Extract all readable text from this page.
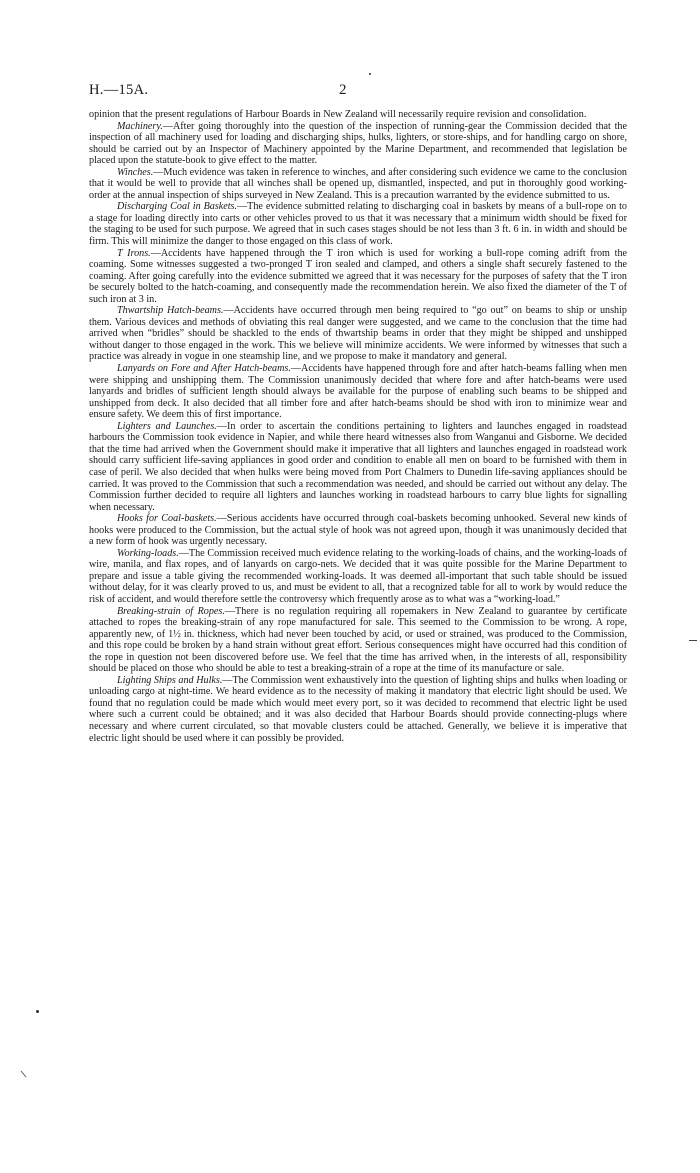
H.—15A.	2

opinion that the present regulations of Harbour Boards in New Zealand will necessarily require revision and consolidation.

Machinery.—After going thoroughly into the question of the inspection of running-gear the Commission decided that the inspection of all machinery used for loading and discharging ships, hulks, lighters, or store-ships, and for handling cargo on shore, should be carried out by an Inspector of Machinery appointed by the Marine Department, and recommended that legislation be placed upon the statute-book to give effect to the matter.

Winches.—Much evidence was taken in reference to winches, and after considering such evidence we came to the conclusion that it would be well to provide that all winches shall be opened up, dismantled, inspected, and put in thoroughly good working-order at the annual inspection of ships surveyed in New Zealand. This is a precaution warranted by the evidence submitted to us.

Discharging Coal in Baskets.—The evidence submitted relating to discharging coal in baskets by means of a bull-rope on to a stage for loading directly into carts or other vehicles proved to us that it was necessary that a minimum width should be fixed for the staging to be used for such purpose. We agreed that in such cases stages should be not less than 3 ft. 6 in. in width and should be firm. This will minimize the danger to those engaged on this class of work.

T Irons.—Accidents have happened through the T iron which is used for working a bull-rope coming adrift from the coaming. Some witnesses suggested a two-pronged T iron sealed and clamped, and others a single shaft securely fastened to the coaming. After going carefully into the evidence submitted we agreed that it was necessary for the purposes of safety that the T iron be securely bolted to the hatch-coaming, and consequently made the recommendation herein. We also fixed the diameter of the T of such iron at 3 in.

Thwartship Hatch-beams.—Accidents have occurred through men being required to “go out” on beams to ship or unship them. Various devices and methods of obviating this real danger were suggested, and we came to the conclusion that the time had arrived when “bridles” should be shackled to the ends of thwartship beams in order that they might be shipped and unshipped without danger to those engaged in the work. This we believe will minimize accidents. We were informed by witnesses that such a practice was already in vogue in one steamship line, and we propose to make it mandatory and general.

Lanyards on Fore and After Hatch-beams.—Accidents have happened through fore and after hatch-beams falling when men were shipping and unshipping them. The Commission unanimously decided that where fore and after hatch-beams were used lanyards and bridles of sufficient length should always be available for the purpose of enabling such beams to be shipped and unshipped from deck. It also decided that all timber fore and after hatch-beams should be shod with iron to minimize wear and ensure safety. We deem this of first importance.

Lighters and Launches.—In order to ascertain the conditions pertaining to lighters and launches engaged in roadstead harbours the Commission took evidence in Napier, and while there heard witnesses also from Wanganui and Gisborne. We decided that the time had arrived when the Government should make it imperative that all lighters and launches engaged in roadstead work should carry sufficient life-saving appliances in good order and condition to enable all men on board to be furnished with them in case of peril. We also decided that when hulks were being moved from Port Chalmers to Dunedin life-saving appliances should be carried. It was proved to the Commission that such a recommendation was needed, and should be carried out without any delay. The Commission further decided to require all lighters and launches working in roadstead harbours to carry blue lights for signalling when necessary.

Hooks for Coal-baskets.—Serious accidents have occurred through coal-baskets becoming unhooked. Several new kinds of hooks were produced to the Commission, but the actual style of hook was not agreed upon, though it was unanimously decided that a new form of hook was urgently necessary.

Working-loads.—The Commission received much evidence relating to the working-loads of chains, and the working-loads of wire, manila, and flax ropes, and of lanyards on cargo-nets. We decided that it was quite possible for the Marine Department to prepare and issue a table giving the recommended working-loads. It was deemed all-important that such table should be issued without delay, for it was clearly proved to us, and must be evident to all, that a recognized table for all to work by would reduce the risk of accident, and would therefore settle the controversy which frequently arose as to what was a “working-load.”

Breaking-strain of Ropes.—There is no regulation requiring all ropemakers in New Zealand to guarantee by certificate attached to ropes the breaking-strain of any rope manufactured for sale. This seemed to the Commission to be wrong. A rope, apparently new, of 1½ in. thickness, which had never been touched by acid, or used or strained, was produced to the Commission, and this rope could be broken by a hand strain without great effort. Serious consequences might have occurred had this condition of the rope in question not been discovered before use. We feel that the time has arrived when, in the interests of all, responsibility should be placed on those who should be able to test a breaking-strain of a rope at the time of its manufacture or sale.

Lighting Ships and Hulks.—The Commission went exhaustively into the question of lighting ships and hulks when loading or unloading cargo at night-time. We heard evidence as to the necessity of making it mandatory that electric light should be used. We found that no regulation could be made which would meet every port, so it was decided to recommend that electric light be used where such a current could be obtained; and it was also decided that Harbour Boards should provide connecting-plugs where necessary and where current circulated, so that movable clusters could be attached. Generally, we believe it is imperative that electric light should be used where it can possibly be provided.
